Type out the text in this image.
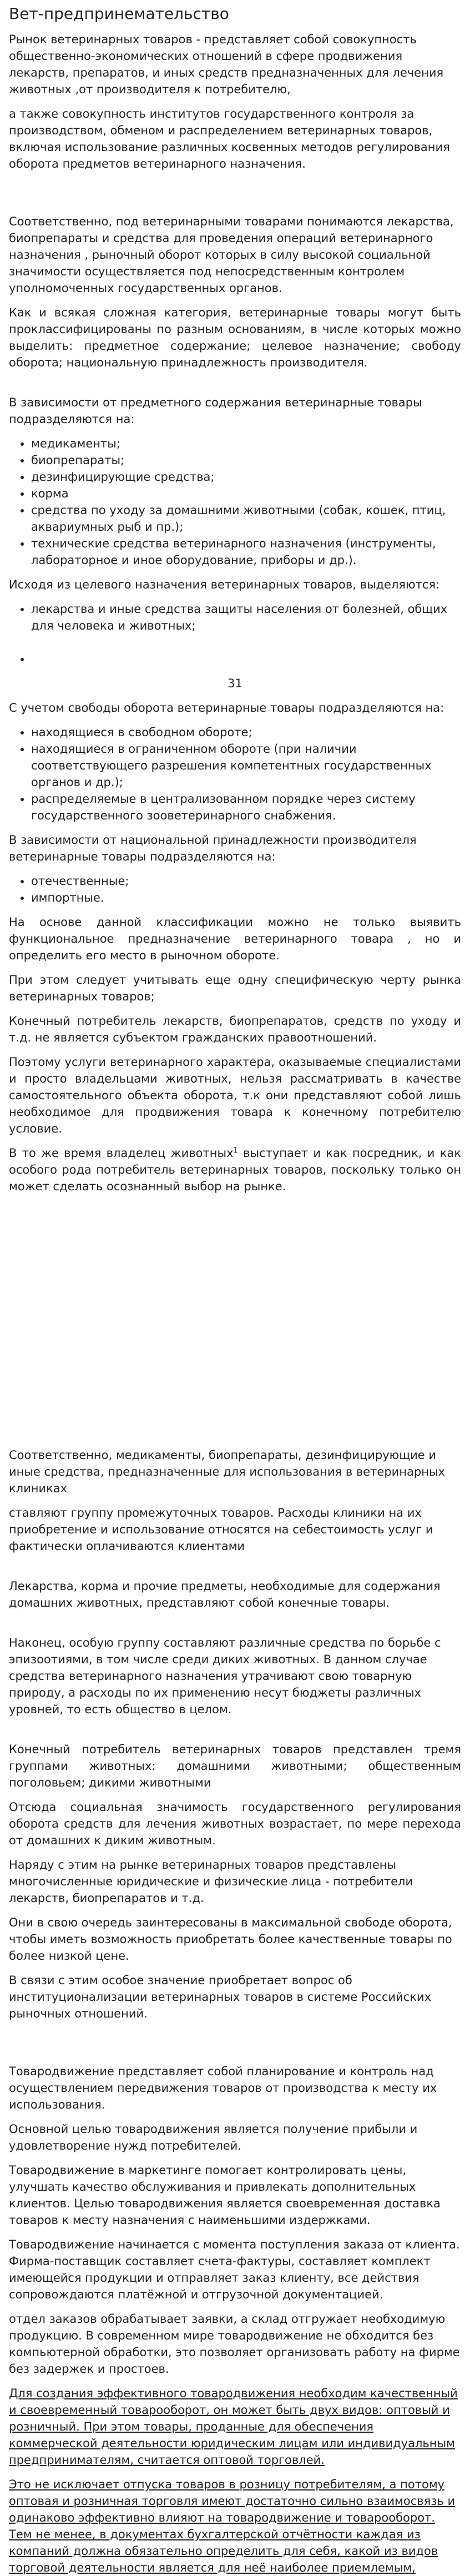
Вет-предпринемательство

Рынок ветеринарных товаров - представляет собой совокупность общественно-экономических отношений в сфере продвижения лекарств, препаратов, и иных средств предназначенных для лечения животных ,от производителя к потребителю,

а также совокупность институтов государственного контроля за производством, обменом и распределением ветеринарных товаров, включая использование различных косвенных методов регулирования оборота предметов ветеринарного назначения.

Соответственно, под ветеринарными товарами понимаются лекарства, биопрепараты и средства для проведения операций ветеринарного назначения , рыночный оборот которых в силу высокой социальной значимости осуществляется под непосредственным контролем уполномоченных государственных органов.

Как и всякая сложная категория, ветеринарные товары могут быть проклассифицированы по разным основаниям, в числе которых можно выделить: предметное содержание; целевое назначение; свободу оборота; национальную принадлежность производителя.

В зависимости от предметного содержания ветеринарные товары подразделяются на:

• медикаменты;
• биопрепараты;
• дезинфицирующие средства;
• корма
• средства по уходу за домашними животными (собак, кошек, птиц, аквариумных рыб и пр.);
• технические средства ветеринарного назначения (инструменты, лабораторное и иное оборудование, приборы и др.).

Исходя из целевого назначения ветеринарных товаров, выделяются:

• лекарства и иные средства защиты населения от болезней, общих для человека и животных;
•

31

С учетом свободы оборота ветеринарные товары подразделяются на:

• находящиеся в свободном обороте;
• находящиеся в ограниченном обороте (при наличии соответствующего разрешения компетентных государственных органов и др.);
• распределяемые в централизованном порядке через систему государственного зооветеринарного снабжения.

В зависимости от национальной принадлежности производителя ветеринарные товары подразделяются на:

• отечественные;
• импортные.

На основе данной классификации можно не только выявить функциональное предназначение ветеринарного товара , но и определить его место в рыночном обороте.

При этом следует учитывать еще одну специфическую черту рынка ветеринарных товаров;

Конечный потребитель лекарств, биопрепаратов, средств по уходу и т.д. не является субъектом гражданских правоотношений.

Поэтому услуги ветеринарного характера, оказываемые специалистами и просто владельцами животных, нельзя рассматривать в качестве самостоятельного объекта оборота, т.к они представляют собой лишь необходимое для продвижения товара к конечному потребителю условие.

В то же время владелец животных$^1$ выступает и как посредник, и как особого рода потребитель ветеринарных товаров, поскольку только он может сделать осознанный выбор на рынке.

Соответственно, медикаменты, биопрепараты, дезинфицирующие и иные средства, предназначенные для использования в ветеринарных клиниках

ставляют группу промежуточных товаров. Расходы клиники на их приобретение и использование относятся на себестоимость услуг и фактически оплачиваются клиентами

Лекарства, корма и прочие предметы, необходимые для содержания домашних животных, представляют собой конечные товары.

Наконец, особую группу составляют различные средства по борьбе с эпизоотиями, в том числе среди диких животных. В данном случае средства ветеринарного назначения утрачивают свою товарную природу, а расходы по их применению несут бюджеты различных уровней, то есть общество в целом.

Конечный потребитель ветеринарных товаров представлен тремя группами животных: домашними животными; общественным поголовьем; дикими животными

Отсюда социальная значимость государственного регулирования оборота средств для лечения животных возрастает, по мере перехода от домашних к диким животным.

Наряду с этим на рынке ветеринарных товаров представлены многочисленные юридические и физические лица - потребители лекарств, биопрепаратов и т.д.

Они в свою очередь заинтересованы в максимальной свободе оборота, чтобы иметь возможность приобретать более качественные товары по более низкой цене.

В связи с этим особое значение приобретает вопрос об институционализации ветеринарных товаров в системе Российских рыночных отношений.

Товародвижение представляет собой планирование и контроль над осуществлением передвижения товаров от производства к месту их использования.

Основной целью товародвижения является получение прибыли и удовлетворение нужд потребителей.

Товародвижение в маркетинге помогает контролировать цены, улучшать качество обслуживания и привлекать дополнительных клиентов. Целью товародвижения является своевременная доставка товаров к месту назначения с наименьшими издержками.

Товародвижение начинается с момента поступления заказа от клиента. Фирма-поставщик составляет счета-фактуры, составляет комплект имеющейся продукции и отправляет заказ клиенту, все действия сопровождаются платёжной и отгрузочной документацией.

отдел заказов обрабатывает заявки, а склад отгружает необходимую продукцию. В современном мире товародвижение не обходится без компьютерной обработки, это позволяет организовать работу на фирме без задержек и простоев.

Для создания эффективного товародвижения необходим качественный и своевременный товарооборот, он может быть двух видов: оптовый и розничный. При этом товары, проданные для обеспечения коммерческой деятельности юридическим лицам или индивидуальным предпринимателям, считается оптовой торговлей.

Это не исключает отпуска товаров в розницу потребителям, а потому оптовая и розничная торговля имеют достаточно сильно взаимосвязь и одинаково эффективно влияют на товародвижение и товарооборот. Тем не менее, в документах бухгалтерской отчётности каждая из компаний должна обязательно определить для себя, какой из видов торговой деятельности является для неё наиболее приемлемым,
